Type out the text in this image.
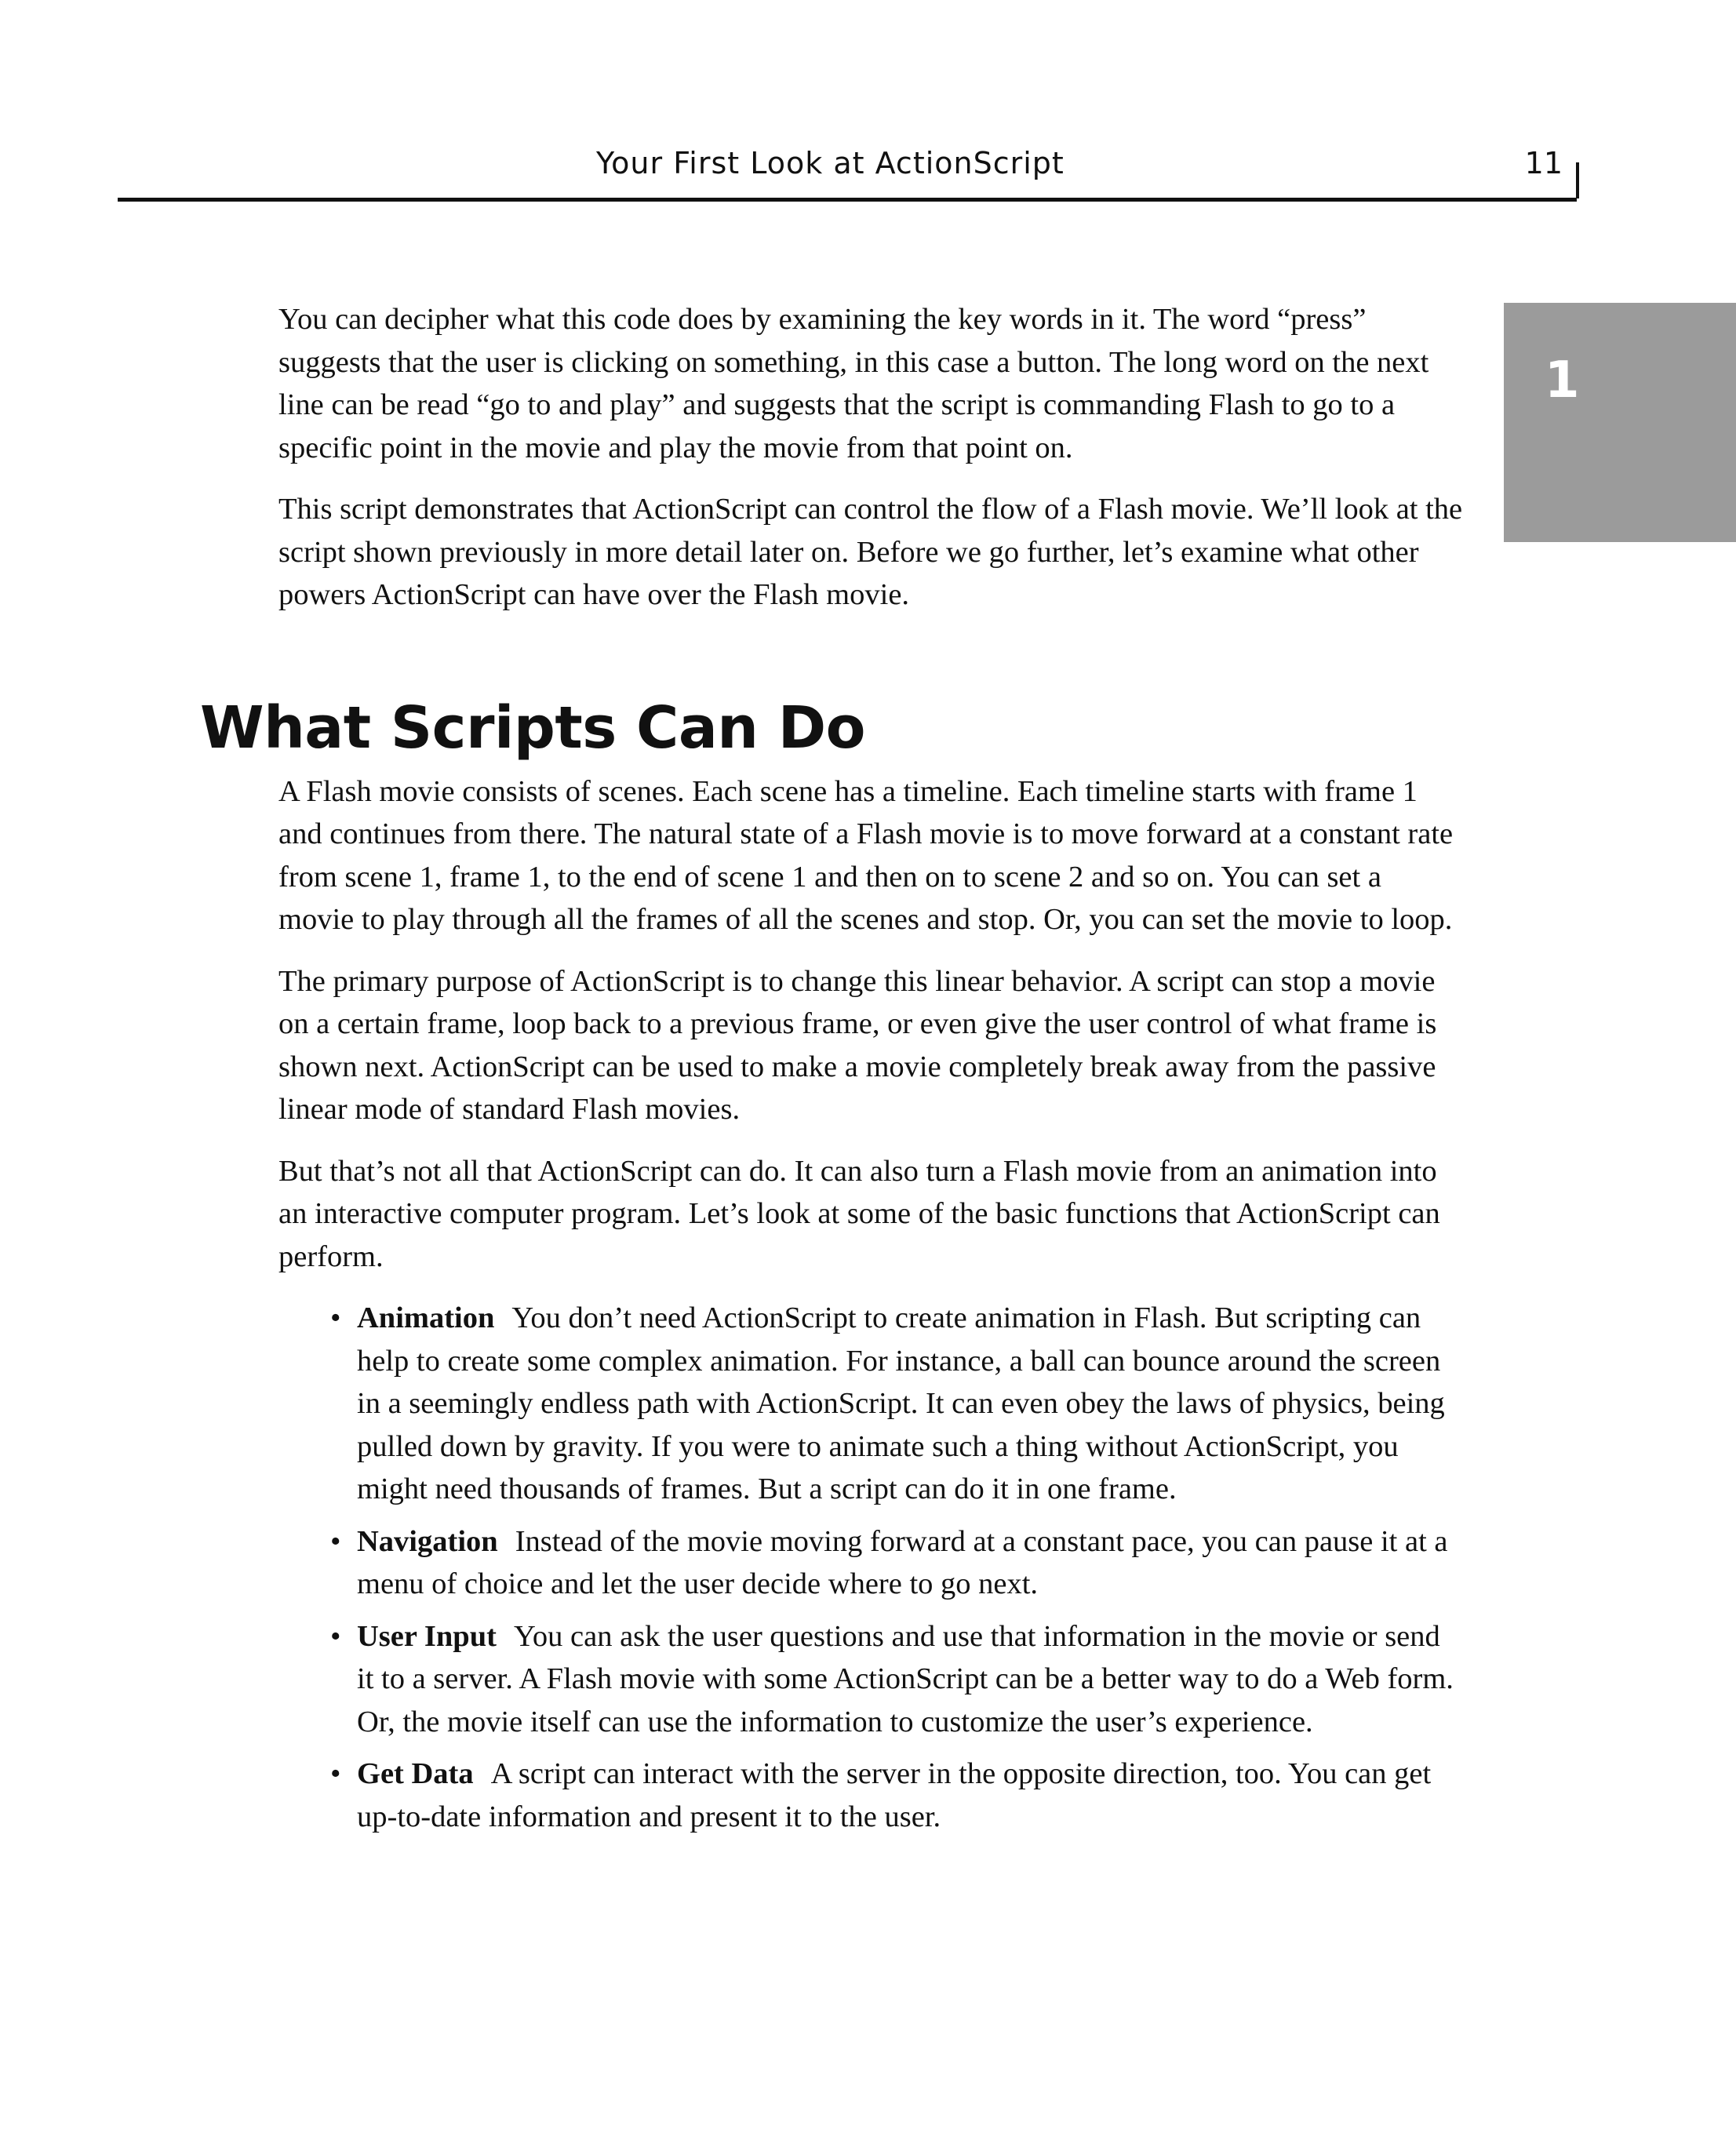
Your First Look at ActionScript	11
1

You can decipher what this code does by examining the key words in it. The word “press” suggests that the user is clicking on something, in this case a button. The long word on the next line can be read “go to and play” and suggests that the script is commanding Flash to go to a specific point in the movie and play the movie from that point on.

This script demonstrates that ActionScript can control the flow of a Flash movie. We’ll look at the script shown previously in more detail later on. Before we go further, let’s examine what other powers ActionScript can have over the Flash movie.

What Scripts Can Do

A Flash movie consists of scenes. Each scene has a timeline. Each timeline starts with frame 1 and continues from there. The natural state of a Flash movie is to move forward at a constant rate from scene 1, frame 1, to the end of scene 1 and then on to scene 2 and so on. You can set a movie to play through all the frames of all the scenes and stop. Or, you can set the movie to loop.

The primary purpose of ActionScript is to change this linear behavior. A script can stop a movie on a certain frame, loop back to a previous frame, or even give the user control of what frame is shown next. ActionScript can be used to make a movie completely break away from the passive linear mode of standard Flash movies.

But that’s not all that ActionScript can do. It can also turn a Flash movie from an animation into an interactive computer program. Let’s look at some of the basic functions that ActionScript can perform.

• Animation You don’t need ActionScript to create animation in Flash. But scripting can help to create some complex animation. For instance, a ball can bounce around the screen in a seemingly endless path with ActionScript. It can even obey the laws of physics, being pulled down by gravity. If you were to animate such a thing without ActionScript, you might need thousands of frames. But a script can do it in one frame.
• Navigation Instead of the movie moving forward at a constant pace, you can pause it at a menu of choice and let the user decide where to go next.
• User Input You can ask the user questions and use that information in the movie or send it to a server. A Flash movie with some ActionScript can be a better way to do a Web form. Or, the movie itself can use the information to customize the user’s experience.
• Get Data A script can interact with the server in the opposite direction, too. You can get up-to-date information and present it to the user.
